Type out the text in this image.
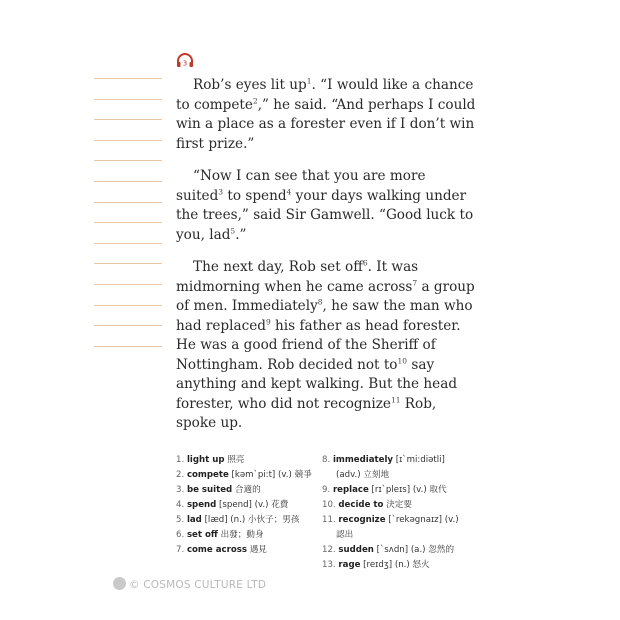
3

Rob’s eyes lit $up^1$. “I would like a chance to compete$^2$,” he said. “And perhaps I could win a place as a forester even if I don’t win first prize.”

“Now I can see that you are more suited$^3$ to spend$^4$ your days walking under the trees,” said Sir Gamwell. “Good luck to you, lad$^5$.”

The next day, Rob set off$^6$. It was midmorning when he came across$^7$ a group of men. Immediately$^8$, he saw the man who had replaced$^9$ his father as head forester. He was a good friend of the Sheriff of Nottingham. Rob decided not $to^{10}$ say anything and kept walking. But the head forester, who did not recognize$^{11}$ Rob, spoke up.

1. light up 照亮
2. compete [kəm`pi:t] (v.) 競爭
3. be suited 合適的
4. spend [spend] (v.) 花費
5. lad [læd] (n.) 小伙子；男孩
6. set off 出發；動身
7. come across 遇見
8. immediately [ɪ`mi:diətli]
(adv.) 立刻地
9. replace [rɪ`pleɪs] (v.) 取代
10. decide to 決定要
11. recognize [`rekəgnaɪz] (v.)
認出
12. sudden [`sʌdn] (a.) 忽然的
13. rage [reɪdʒ] (n.) 怒火
© COSMOS CULTURE LTD
